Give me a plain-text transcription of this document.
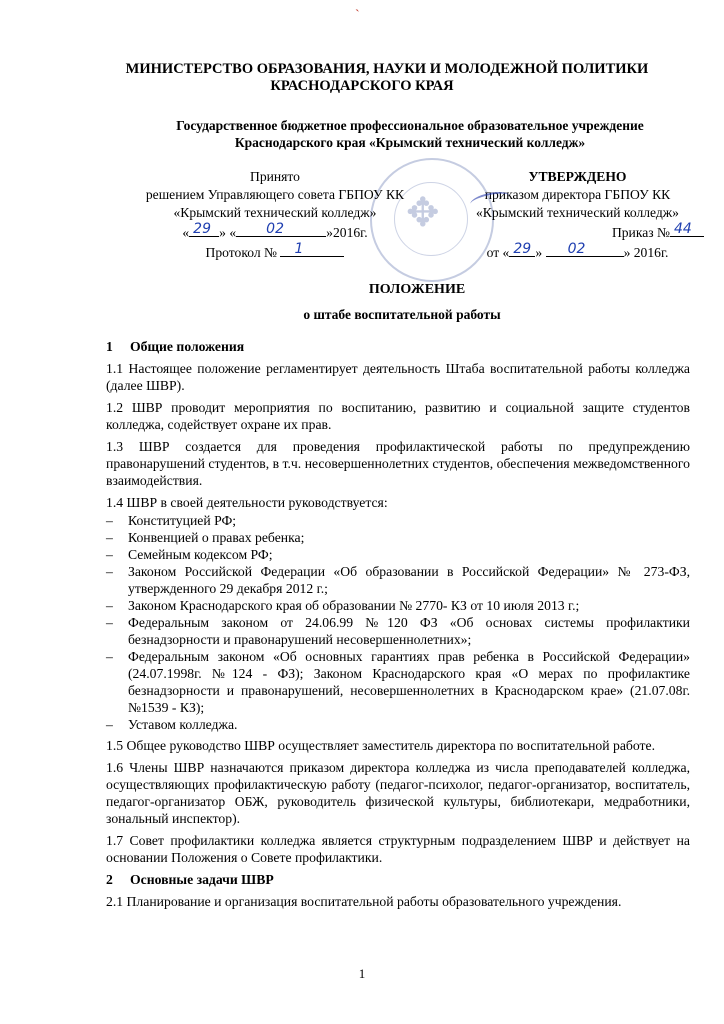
`
МИНИСТЕРСТВО ОБРАЗОВАНИЯ, НАУКИ И МОЛОДЕЖНОЙ ПОЛИТИКИ
КРАСНОДАРСКОГО КРАЯ
Государственное бюджетное профессиональное образовательное учреждение
Краснодарского края «Крымский технический колледж»
✥
Принято
решением Управляющего совета ГБПОУ КК
«Крымский технический колледж»
« 29 » « 02	»2016г.
Протокол № 1
УТВЕРЖДЕНО
приказом директора ГБПОУ КК
«Крымский технический колледж»
Приказ № 44
от « 29 » 02	» 2016г.
ПОЛОЖЕНИЕ
о штабе воспитательной работы
1	Общие положения

1.1 Настоящее положение регламентирует деятельность Штаба воспитательной работы колледжа (далее ШВР).

1.2 ШВР проводит мероприятия по воспитанию, развитию и социальной защите студентов колледжа, содействует охране их прав.

1.3 ШВР создается для проведения профилактической работы по предупреждению правонарушений студентов, в т.ч. несовершеннолетних студентов, обеспечения межведомственного взаимодействия.

1.4 ШВР в своей деятельности руководствуется:

–	Конституцией РФ;
–	Конвенцией о правах ребенка;
–	Семейным кодексом РФ;
–	Законом Российской Федерации «Об образовании в Российской Федерации» № 273-ФЗ, утвержденного 29 декабря 2012 г.;
–	Законом Краснодарского края об образовании № 2770- КЗ от 10 июля 2013 г.;
–	Федеральным законом от 24.06.99 №120 ФЗ «Об основах системы профилактики безнадзорности и правонарушений несовершеннолетних»;
–	Федеральным законом «Об основных гарантиях прав ребенка в Российской Федерации» (24.07.1998г. №124 - ФЗ); Законом Краснодарского края «О мерах по профилактике безнадзорности и правонарушений, несовершеннолетних в Краснодарском крае» (21.07.08г. №1539 - КЗ);
–	Уставом колледжа.

1.5 Общее руководство ШВР осуществляет заместитель директора по воспитательной работе.

1.6 Члены ШВР назначаются приказом директора колледжа из числа преподавателей колледжа, осуществляющих профилактическую работу (педагог-психолог, педагог-организатор, воспитатель, педагог-организатор ОБЖ, руководитель физической культуры, библиотекари, медработники, зональный инспектор).

1.7 Совет профилактики колледжа является структурным подразделением ШВР и действует на основании Положения о Совете профилактики.

2	Основные задачи ШВР

2.1 Планирование и организация воспитательной работы образовательного учреждения.

1
